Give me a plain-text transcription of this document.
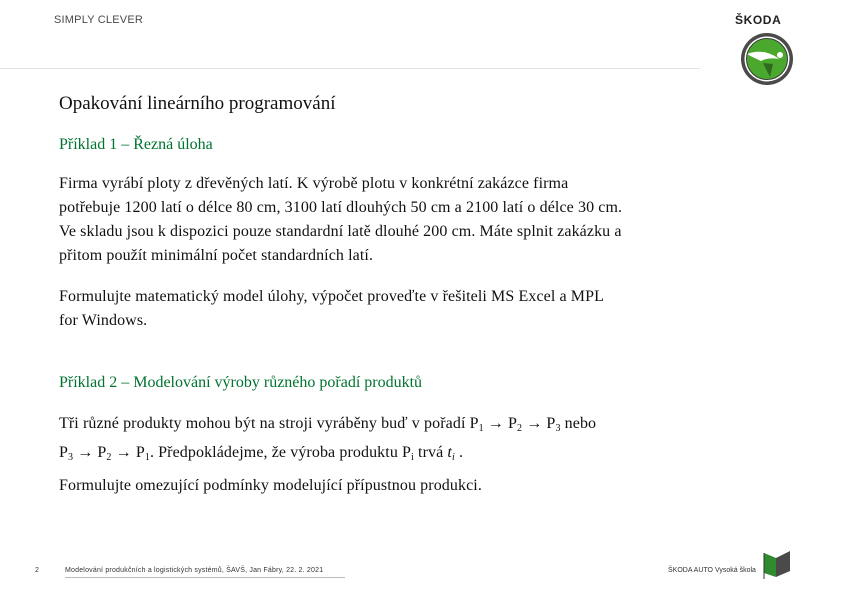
SIMPLY CLEVER	ŠKODA
Opakování lineárního programování
Příklad 1 – Řezná úloha
Firma vyrábí ploty z dřevěných latí. K výrobě plotu v konkrétní zakázce firma
potřebuje 1200 latí o délce 80 cm, 3100 latí dlouhých 50 cm a 2100 latí o délce 30 cm.
Ve skladu jsou k dispozici pouze standardní latě dlouhé 200 cm. Máte splnit zakázku a
přitom použít minimální počet standardních latí.
Formulujte matematický model úlohy, výpočet proveďte v řešiteli MS Excel a MPL
for Windows.
Příklad 2 – Modelování výroby různého pořadí produktů
Tři různé produkty mohou být na stroji vyráběny buď v pořadí $P_1 \to P_2 \to P_3$ nebo
$P_3 \to P_2 \to P_1$. Předpokládejme, že výroba produktu $P_i$ trvá $t_i$ .
Formulujte omezující podmínky modelující přípustnou produkci.
2	Modelování produkčních a logistických systémů, ŠAVŠ, Jan Fábry, 22. 2. 2021	ŠKODA AUTO Vysoká škola
